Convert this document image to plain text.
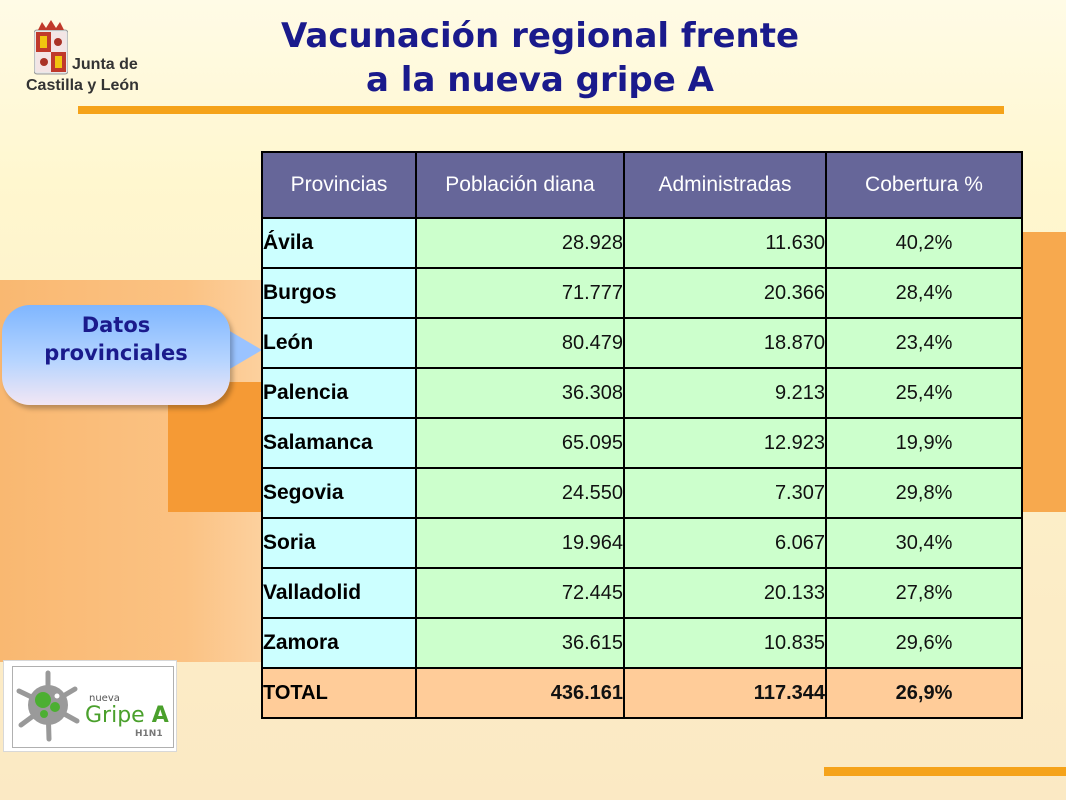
Junta de
Castilla y León
Vacunación regional frente
a la nueva gripe A
Datos
provinciales
Provincias	Población diana	Administradas	Cobertura %
Ávila	28.928	11.630	40,2%
Burgos	71.777	20.366	28,4%
León	80.479	18.870	23,4%
Palencia	36.308	9.213	25,4%
Salamanca	65.095	12.923	19,9%
Segovia	24.550	7.307	29,8%
Soria	19.964	6.067	30,4%
Valladolid	72.445	20.133	27,8%
Zamora	36.615	10.835	29,6%
TOTAL	436.161	117.344	26,9%
nueva
Gripe A
H1N1
